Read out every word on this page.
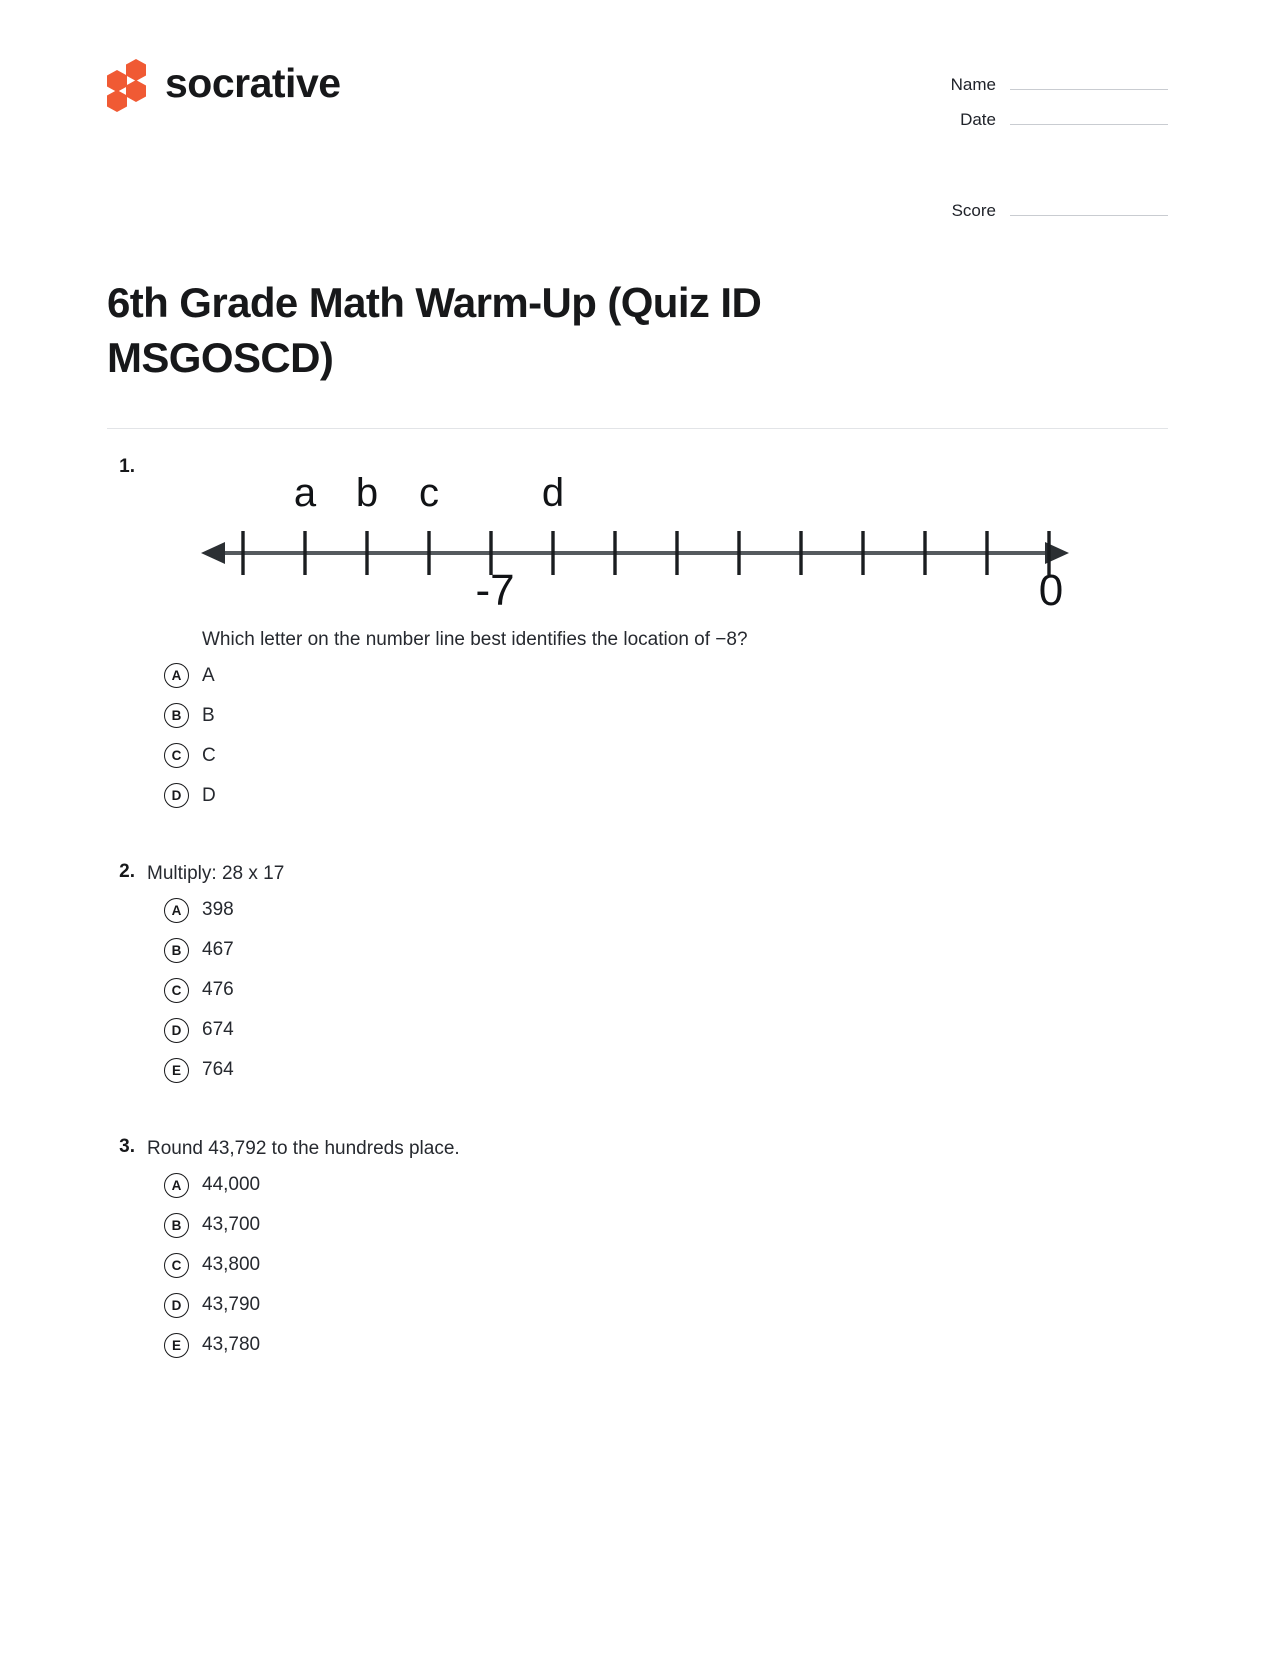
socrative	Name
Date
Score
6th Grade Math Warm-Up (Quiz ID MSGOSCD)
1.
a b c	d
-7	0
Which letter on the number line best identifies the location of −8?
A	A
B	B
C	C
D	D
2. Multiply: 28 x 17
A	398
B	467
C	476
D	674
E	764
3. Round 43,792 to the hundreds place.
A	44,000
B	43,700
C	43,800
D	43,790
E	43,780
